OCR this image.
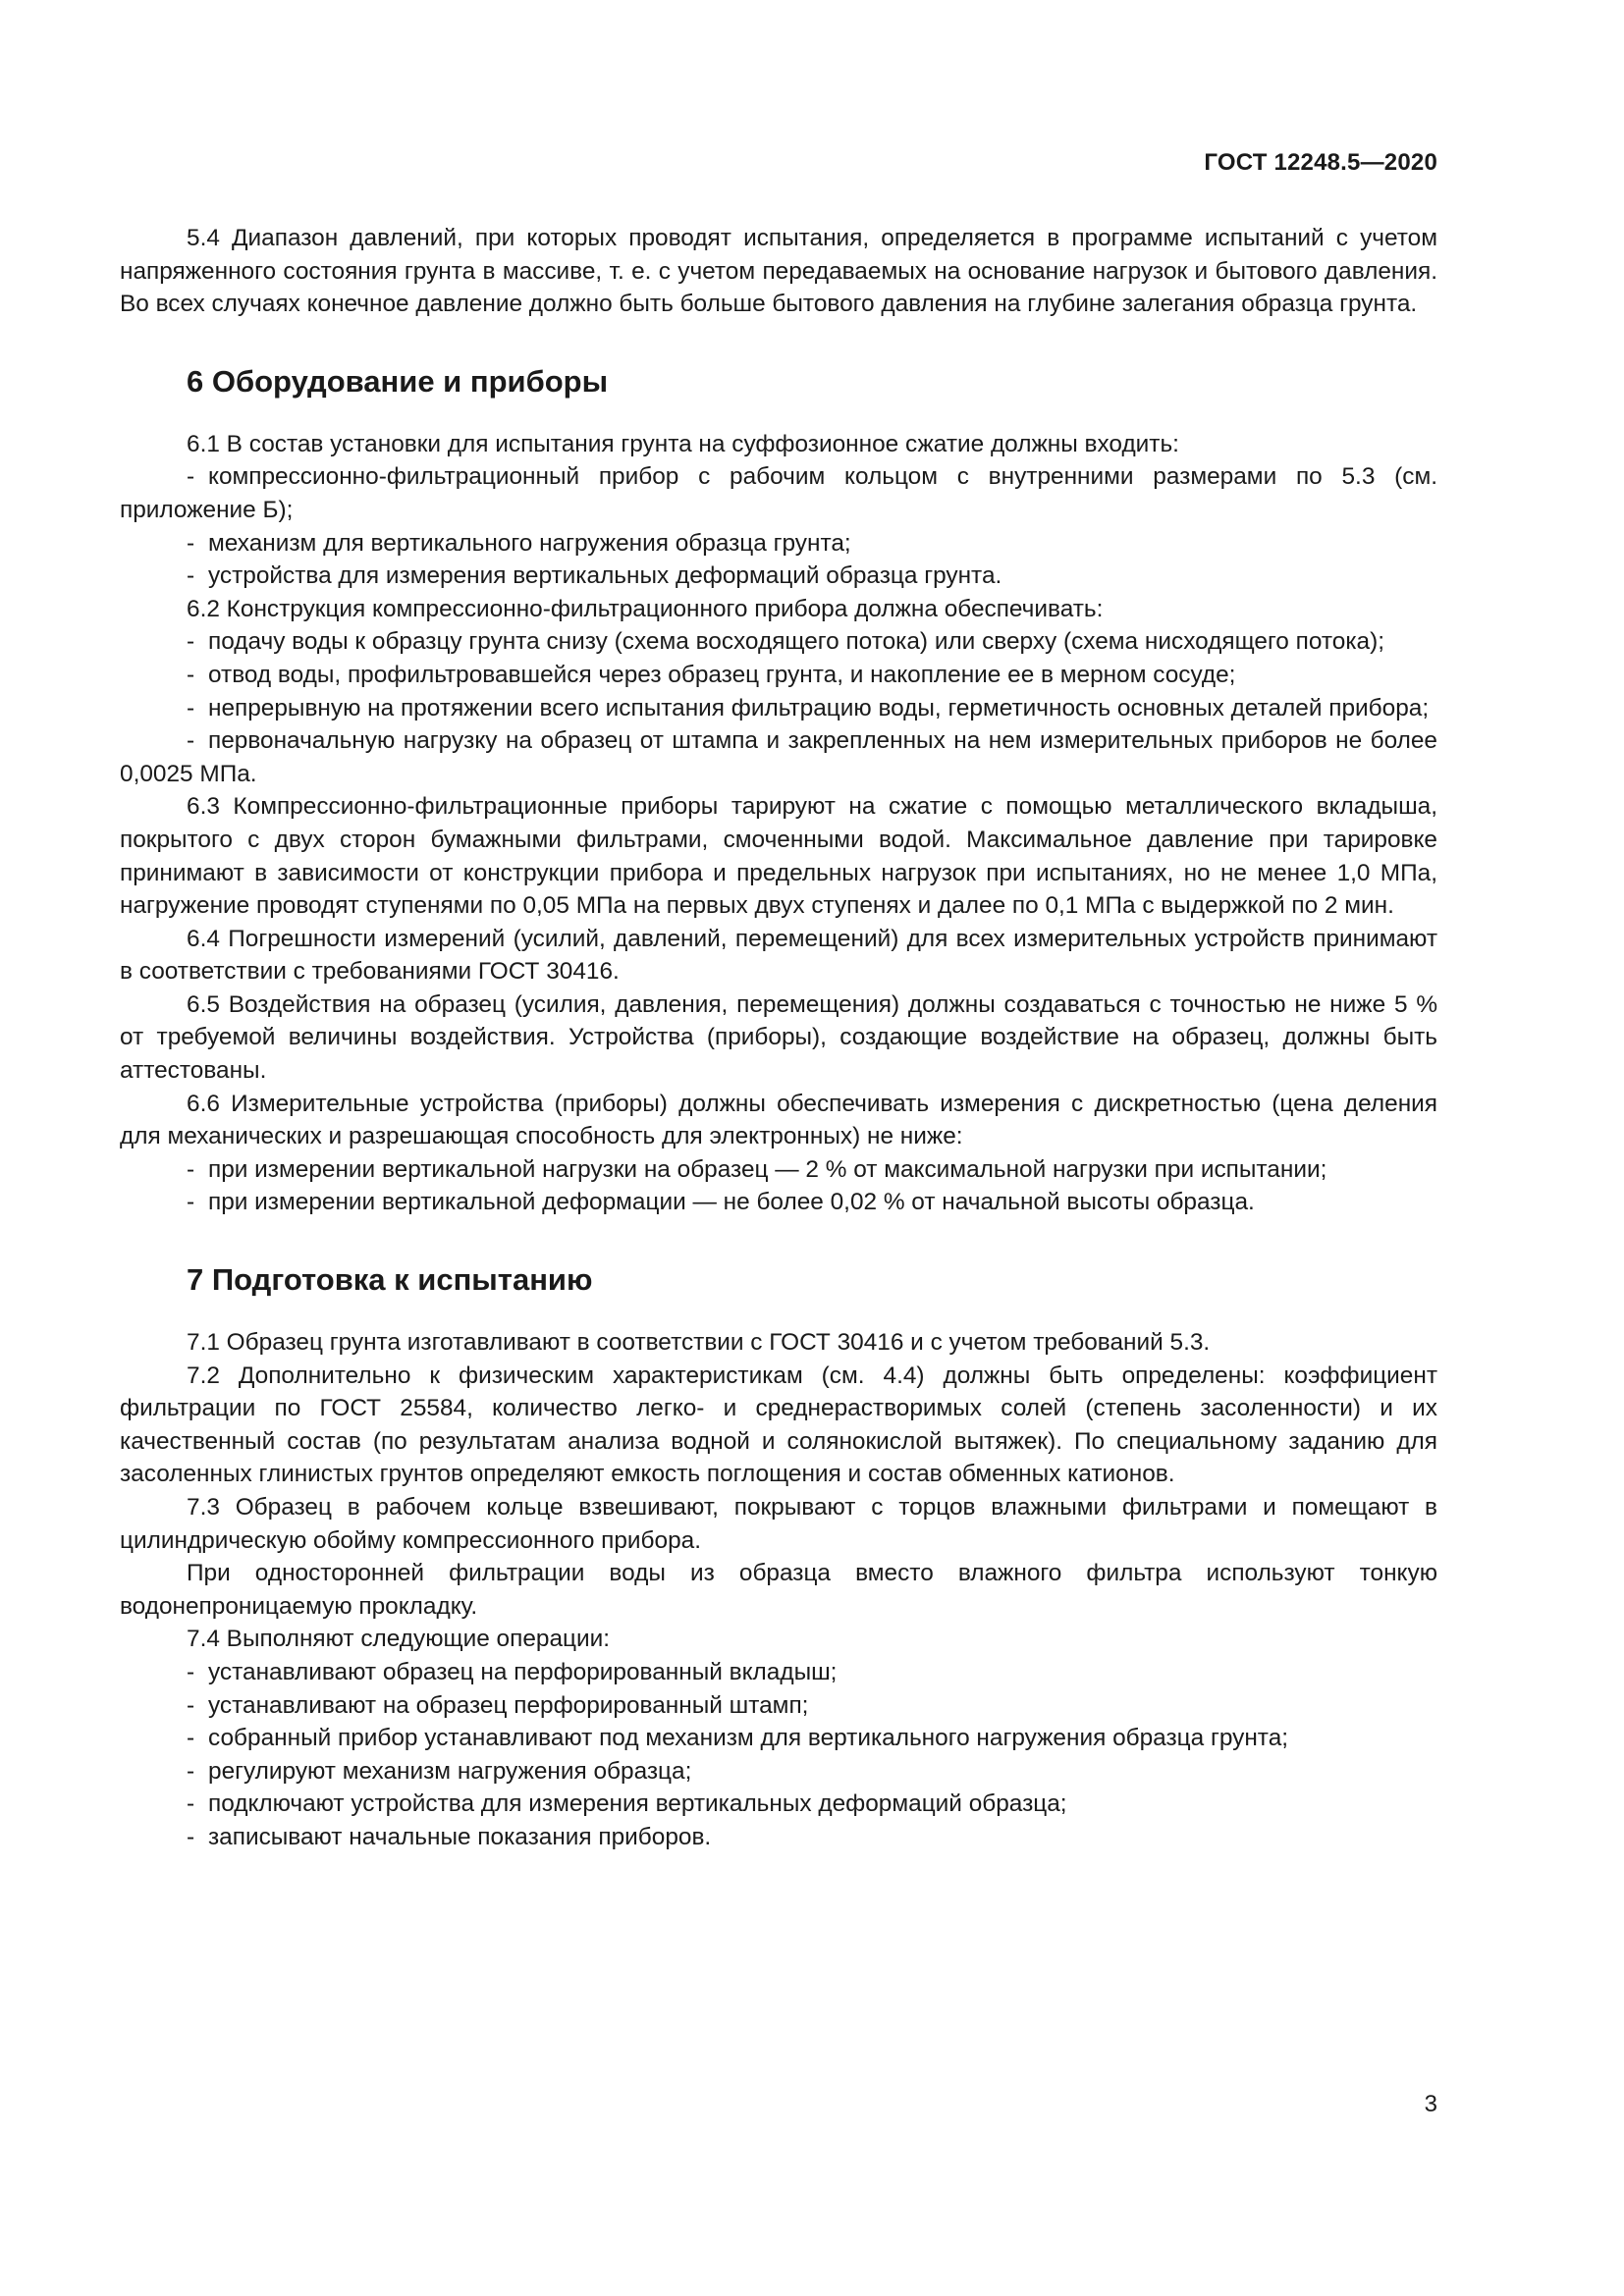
ГОСТ 12248.5—2020

5.4 Диапазон давлений, при которых проводят испытания, определяется в программе испытаний с учетом напряженного состояния грунта в массиве, т. е. с учетом передаваемых на основание нагрузок и бытового давления. Во всех случаях конечное давление должно быть больше бытового давления на глубине залегания образца грунта.

6 Оборудование и приборы

6.1 В состав установки для испытания грунта на суффозионное сжатие должны входить:

- компрессионно-фильтрационный прибор с рабочим кольцом с внутренними размерами по 5.3 (см. приложение Б);

- механизм для вертикального нагружения образца грунта;

- устройства для измерения вертикальных деформаций образца грунта.

6.2 Конструкция компрессионно-фильтрационного прибора должна обеспечивать:

- подачу воды к образцу грунта снизу (схема восходящего потока) или сверху (схема нисходящего потока);

- отвод воды, профильтровавшейся через образец грунта, и накопление ее в мерном сосуде;

- непрерывную на протяжении всего испытания фильтрацию воды, герметичность основных деталей прибора;

- первоначальную нагрузку на образец от штампа и закрепленных на нем измерительных приборов не более 0,0025 МПа.

6.3 Компрессионно-фильтрационные приборы тарируют на сжатие с помощью металлического вкладыша, покрытого с двух сторон бумажными фильтрами, смоченными водой. Максимальное давление при тарировке принимают в зависимости от конструкции прибора и предельных нагрузок при испытаниях, но не менее 1,0 МПа, нагружение проводят ступенями по 0,05 МПа на первых двух ступенях и далее по 0,1 МПа с выдержкой по 2 мин.

6.4 Погрешности измерений (усилий, давлений, перемещений) для всех измерительных устройств принимают в соответствии с требованиями ГОСТ 30416.

6.5 Воздействия на образец (усилия, давления, перемещения) должны создаваться с точностью не ниже 5 % от требуемой величины воздействия. Устройства (приборы), создающие воздействие на образец, должны быть аттестованы.

6.6 Измерительные устройства (приборы) должны обеспечивать измерения с дискретностью (цена деления для механических и разрешающая способность для электронных) не ниже:

- при измерении вертикальной нагрузки на образец — 2 % от максимальной нагрузки при испытании;

- при измерении вертикальной деформации — не более 0,02 % от начальной высоты образца.

7 Подготовка к испытанию

7.1 Образец грунта изготавливают в соответствии с ГОСТ 30416 и с учетом требований 5.3.

7.2 Дополнительно к физическим характеристикам (см. 4.4) должны быть определены: коэффициент фильтрации по ГОСТ 25584, количество легко- и среднерастворимых солей (степень засоленности) и их качественный состав (по результатам анализа водной и солянокислой вытяжек). По специальному заданию для засоленных глинистых грунтов определяют емкость поглощения и состав обменных катионов.

7.3 Образец в рабочем кольце взвешивают, покрывают с торцов влажными фильтрами и помещают в цилиндрическую обойму компрессионного прибора.

При односторонней фильтрации воды из образца вместо влажного фильтра используют тонкую водонепроницаемую прокладку.

7.4 Выполняют следующие операции:

- устанавливают образец на перфорированный вкладыш;

- устанавливают на образец перфорированный штамп;

- собранный прибор устанавливают под механизм для вертикального нагружения образца грунта;

- регулируют механизм нагружения образца;

- подключают устройства для измерения вертикальных деформаций образца;

- записывают начальные показания приборов.

3
